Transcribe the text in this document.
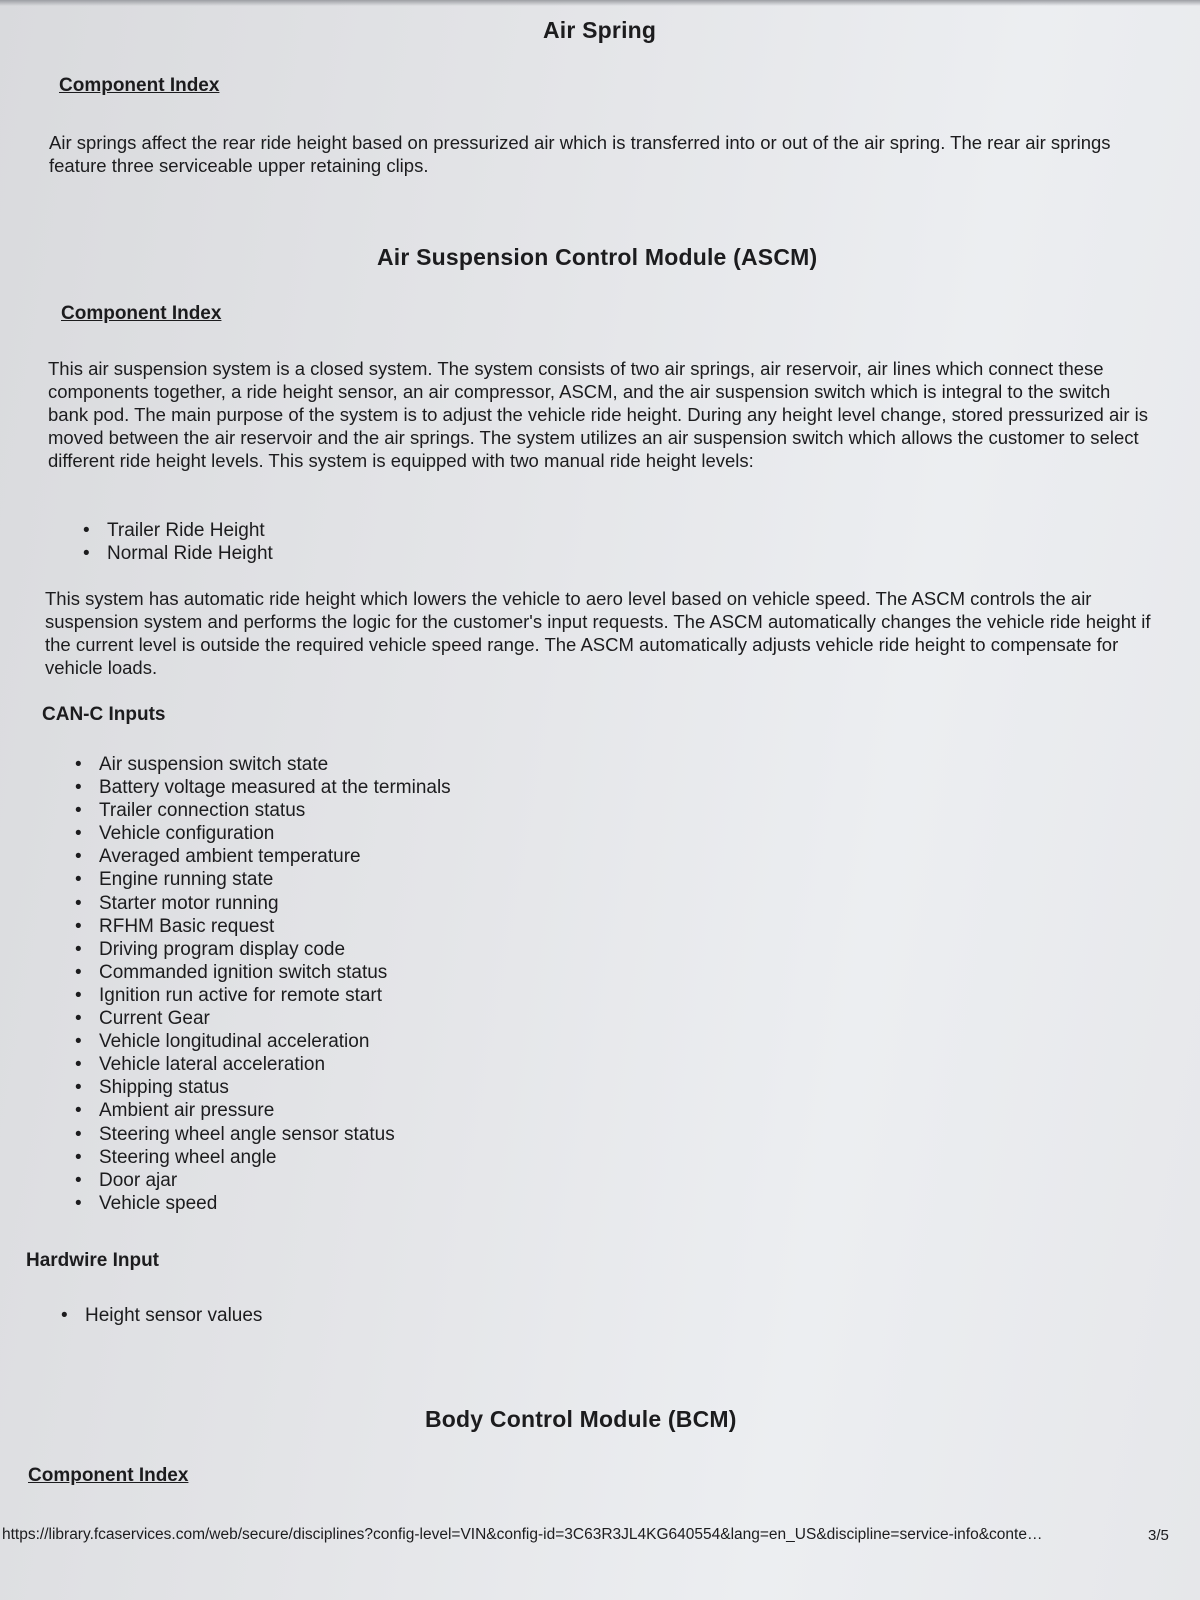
Air Spring
Component Index

Air springs affect the rear ride height based on pressurized air which is transferred into or out of the air spring. The rear air springs feature three serviceable upper retaining clips.

Air Suspension Control Module (ASCM)
Component Index

This air suspension system is a closed system. The system consists of two air springs, air reservoir, air lines which connect these components together, a ride height sensor, an air compressor, ASCM, and the air suspension switch which is integral to the switch bank pod. The main purpose of the system is to adjust the vehicle ride height. During any height level change, stored pressurized air is moved between the air reservoir and the air springs. The system utilizes an air suspension switch which allows the customer to select different ride height levels. This system is equipped with two manual ride height levels:

• Trailer Ride Height
• Normal Ride Height

This system has automatic ride height which lowers the vehicle to aero level based on vehicle speed. The ASCM controls the air suspension system and performs the logic for the customer's input requests. The ASCM automatically changes the vehicle ride height if the current level is outside the required vehicle speed range. The ASCM automatically adjusts vehicle ride height to compensate for vehicle loads.

CAN-C Inputs
• Air suspension switch state
• Battery voltage measured at the terminals
• Trailer connection status
• Vehicle configuration
• Averaged ambient temperature
• Engine running state
• Starter motor running
• RFHM Basic request
• Driving program display code
• Commanded ignition switch status
• Ignition run active for remote start
• Current Gear
• Vehicle longitudinal acceleration
• Vehicle lateral acceleration
• Shipping status
• Ambient air pressure
• Steering wheel angle sensor status
• Steering wheel angle
• Door ajar
• Vehicle speed
Hardwire Input
• Height sensor values
Body Control Module (BCM)
Component Index
https://library.fcaservices.com/web/secure/disciplines?config-level=VIN&config-id=3C63R3JL4KG640554&lang=en_US&discipline=service-info&conte…	3/5
